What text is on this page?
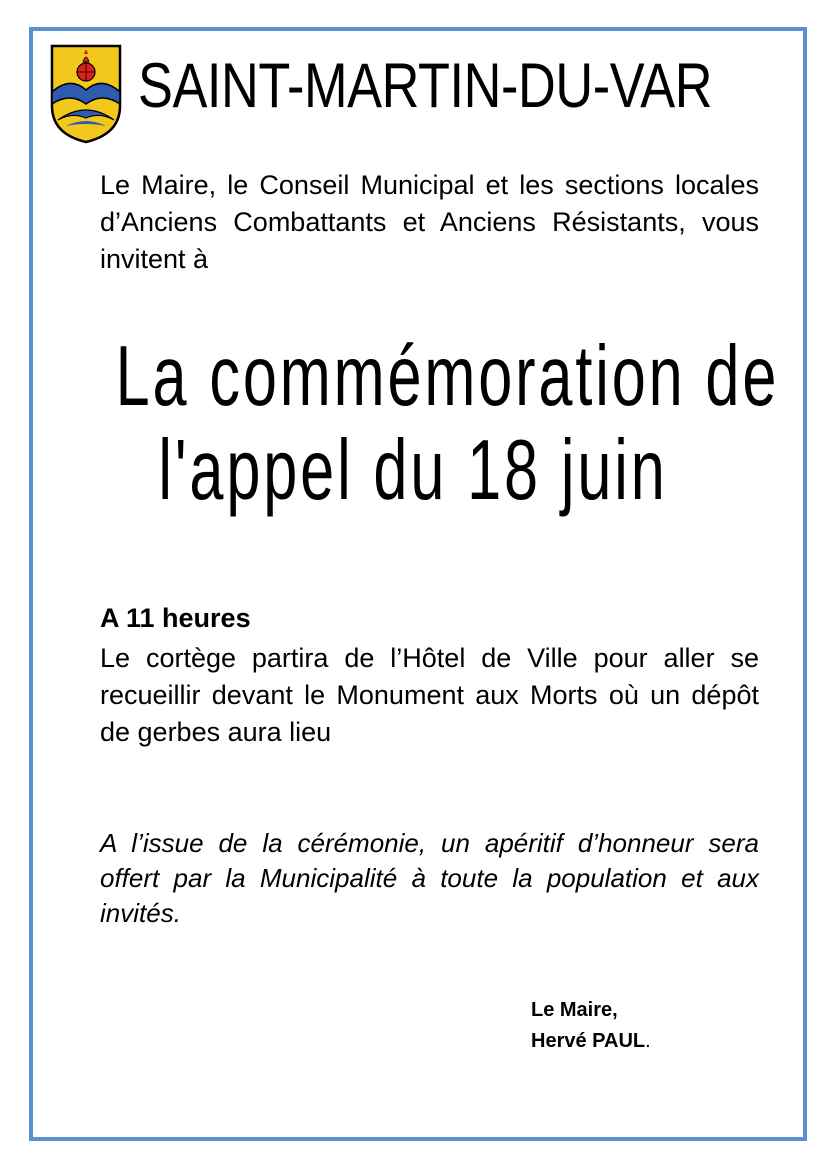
SAINT-MARTIN-DU-VAR
Le Maire, le Conseil Municipal et les sections locales d’Anciens Combattants et Anciens Résistants, vous invitent à
La commémoration de
l'appel du 18 juin
A 11 heures
Le cortège partira de l’Hôtel de Ville pour aller se recueillir devant le Monument aux Morts où un dépôt de gerbes aura lieu
A l’issue de la cérémonie, un apéritif d’honneur sera offert par la Municipalité à toute la population et aux invités.
Le Maire,
Hervé PAUL.
